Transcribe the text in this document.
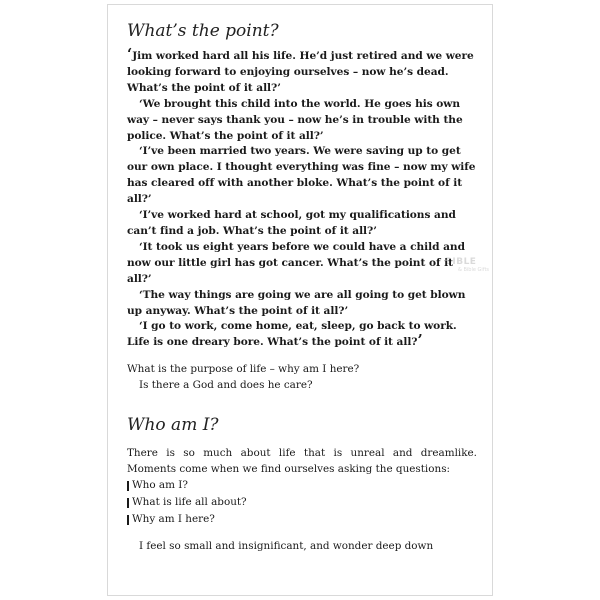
BIBLE
& Bible Gifts
What’s the point?

‘Jim worked hard all his life. He’d just retired and we were looking forward to enjoying ourselves – now he’s dead. What’s the point of it all?’

‘We brought this child into the world. He goes his own way – never says thank you – now he’s in trouble with the police. What’s the point of it all?’

‘I’ve been married two years. We were saving up to get our own place. I thought everything was fine – now my wife has cleared off with another bloke. What’s the point of it all?’

‘I’ve worked hard at school, got my qualifications and can’t find a job. What’s the point of it all?’

‘It took us eight years before we could have a child and now our little girl has got cancer. What’s the point of it all?’

‘The way things are going we are all going to get blown up anyway. What’s the point of it all?’

‘I go to work, come home, eat, sleep, go back to work. Life is one dreary bore. What’s the point of it all?’

What is the purpose of life – why am I here?

Is there a God and does he care?

Who am I?

There is so much about life that is unreal and dreamlike. Moments come when we find ourselves asking the questions:

Who am I?
What is life all about?
Why am I here?
I feel so small and insignificant, and wonder deep down
